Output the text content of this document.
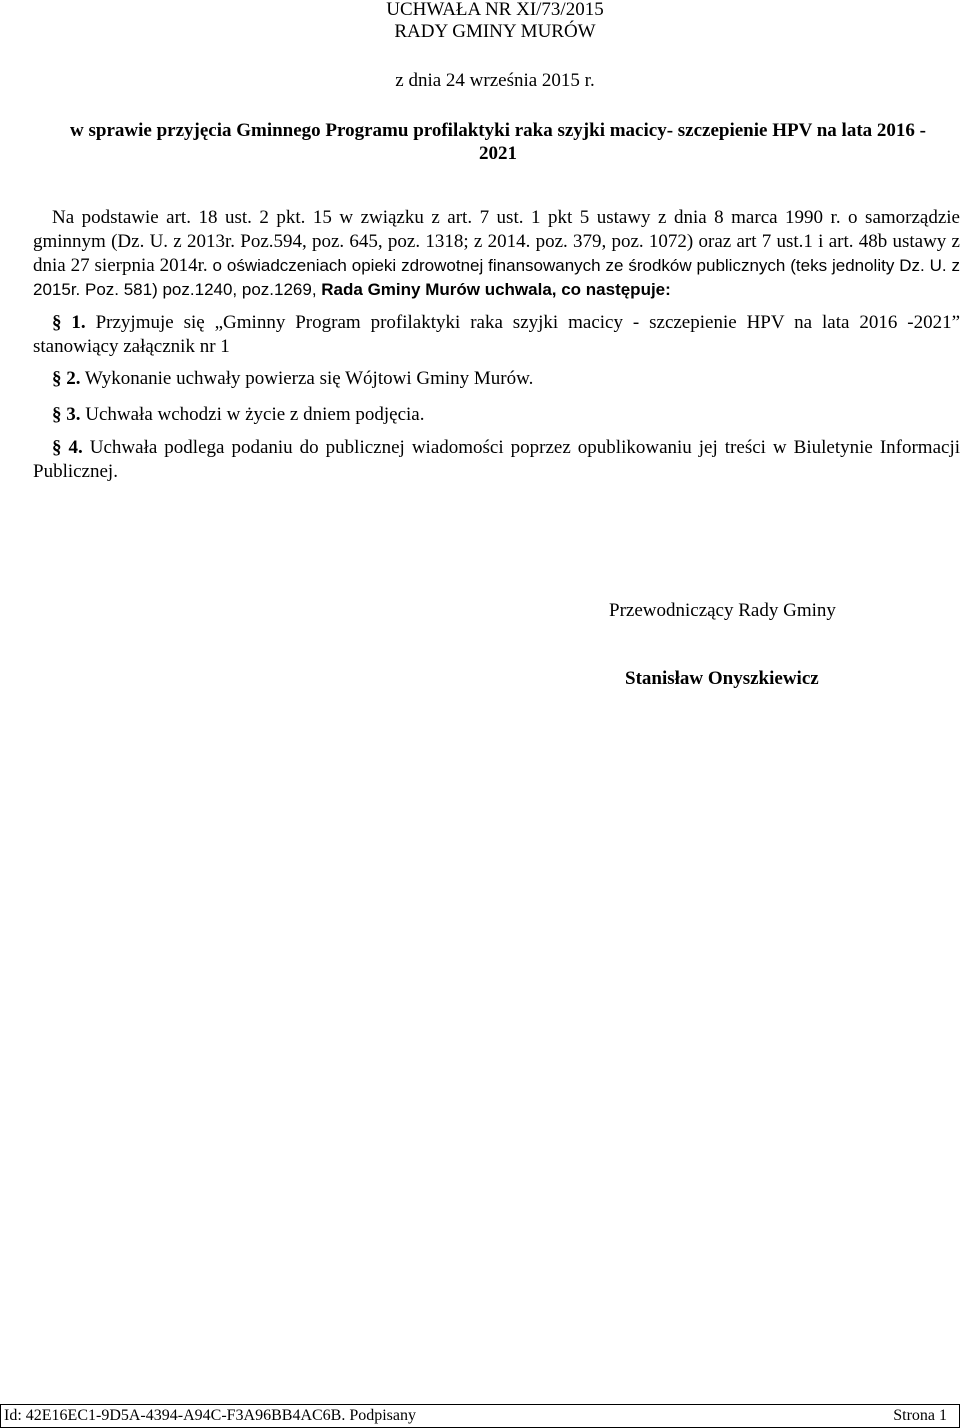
UCHWAŁA NR XI/73/2015
RADY GMINY MURÓW
z dnia 24 września 2015 r.
w sprawie przyjęcia Gminnego Programu profilaktyki raka szyjki macicy- szczepienie HPV na lata 2016 -
2021
Na podstawie art. 18 ust. 2 pkt. 15 w związku z art. 7 ust. 1 pkt 5 ustawy z dnia 8 marca 1990 r. o samorządzie gminnym (Dz. U. z 2013r. Poz.594, poz. 645, poz. 1318; z 2014. poz. 379, poz. 1072) oraz art 7 ust.1 i art. 48b ustawy z dnia 27 sierpnia 2014r. o oświadczeniach opieki zdrowotnej finansowanych ze środków publicznych (teks jednolity Dz. U. z 2015r. Poz. 581) poz.1240, poz.1269, Rada Gminy Murów uchwala, co następuje:
§ 1. Przyjmuje się „Gminny Program profilaktyki raka szyjki macicy - szczepienie HPV na lata 2016 -2021” stanowiący załącznik nr 1
§ 2. Wykonanie uchwały powierza się Wójtowi Gminy Murów.
§ 3. Uchwała wchodzi w życie z dniem podjęcia.
§ 4. Uchwała podlega podaniu do publicznej wiadomości poprzez opublikowaniu jej treści w Biuletynie Informacji Publicznej.
Przewodniczący Rady Gminy
Stanisław Onyszkiewicz
Id: 42E16EC1-9D5A-4394-A94C-F3A96BB4AC6B. Podpisany	Strona 1
